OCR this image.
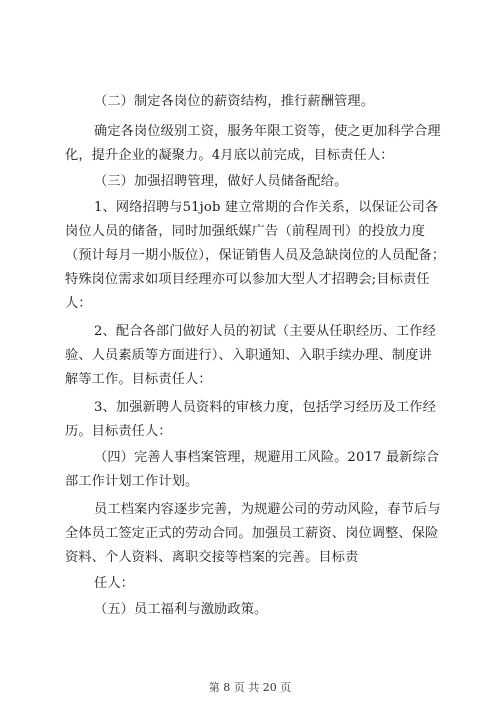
（二）制定各岗位的薪资结构，推行薪酬管理。
确定各岗位级别工资，服务年限工资等，使之更加科学合理
化，提升企业的凝聚力。4月底以前完成，目标责任人：
（三）加强招聘管理，做好人员储备配给。
1、网络招聘与51job 建立常期的合作关系，以保证公司各
岗位人员的储备，同时加强纸媒广告（前程周刊）的投放力度
（预计每月一期小版位），保证销售人员及急缺岗位的人员配备；
特殊岗位需求如项目经理亦可以参加大型人才招聘会;目标责任
人：
2、配合各部门做好人员的初试（主要从任职经历、工作经
验、人员素质等方面进行）、入职通知、入职手续办理、制度讲
解等工作。目标责任人：
3、加强新聘人员资料的审核力度，包括学习经历及工作经
历。目标责任人：
（四）完善人事档案管理，规避用工风险。2017 最新综合
部工作计划工作计划。
员工档案内容逐步完善，为规避公司的劳动风险，春节后与
全体员工签定正式的劳动合同。加强员工薪资、岗位调整、保险
资料、个人资料、离职交接等档案的完善。目标责
任人：
（五）员工福利与激励政策。
第 8 页 共 20 页
